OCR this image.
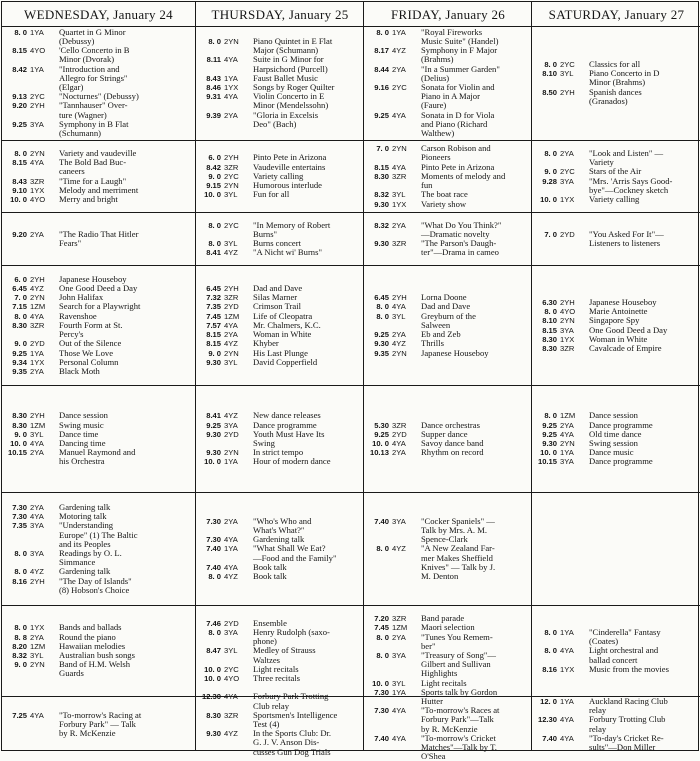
WEDNESDAY, January 24
8. 0 1YA	Quartet in G Minor
(Debussy)
8.15 4YO	'Cello Concerto in B
Minor (Dvorak)
8.42 1YA	"Introduction and
Allegro for Strings"
(Elgar)
9.13 2YC	"Nocturnes" (Debussy)
9.20 2YH	"Tannhauser" Over-
ture (Wagner)
9.25 3YA	Symphony in B Flat
(Schumann)
8. 0 2YN	Variety and vaudeville
8.15 4YA	The Bold Bad Buc-
caneers
8.43 3ZR	"Time for a Laugh"
9.10 1YX	Melody and merriment
10. 0 4YO	Merry and bright
9.20 2YA	"The Radio That Hitler
Fears"
6. 0 2YH	Japanese Houseboy
6.45 4YZ	One Good Deed a Day
7. 0 2YN	John Halifax
7.15 1ZM	Search for a Playwright
8. 0 4YA	Ravenshoe
8.30 3ZR	Fourth Form at St.
Percy's
9. 0 2YD	Out of the Silence
9.25 1YA	Those We Love
9.34 1YX	Personal Column
9.35 2YA	Black Moth
8.30 2YH	Dance session
8.30 1ZM	Swing music
9. 0 3YL	Dance time
10. 0 4YA	Dancing time
10.15 2YA	Manuel Raymond and
his Orchestra
7.30 2YA	Gardening talk
7.30 4YA	Motoring talk
7.35 3YA	"Understanding
Europe" (1) The Baltic
and its Peoples
8. 0 3YA	Readings by O. L.
Simmance
8. 0 4YZ	Gardening talk
8.16 2YH	"The Day of Islands"
(8) Hobson's Choice
8. 0 1YX	Bands and ballads
8. 8 2YA	Round the piano
8.20 1ZM	Hawaiian melodies
8.32 3YL	Australian bush songs
9. 0 2YN	Band of H.M. Welsh
Guards
7.25 4YA	"To-morrow's Racing at
Forbury Park" — Talk
by R. McKenzie
THURSDAY, January 25
8. 0 2YN	Piano Quintet in E Flat
Major (Schumann)
8.11 4YA	Suite in G Minor for
Harpsichord (Purcell)
8.43 1YA	Faust Ballet Music
8.46 1YX	Songs by Roger Quilter
9.31 4YA	Violin Concerto in E
Minor (Mendelssohn)
9.39 2YA	"Gloria in Excelsis
Deo" (Bach)
6. 0 2YH	Pinto Pete in Arizona
8.42 3ZR	Vaudeville entertains
9. 0 2YC	Variety calling
9.15 2YN	Humorous interlude
10. 0 3YL	Fun for all
8. 0 2YC	"In Memory of Robert
Burns"
8. 0 3YL	Burns concert
8.41 4YZ	"A Nicht wi' Burns"
6.45 2YH	Dad and Dave
7.32 3ZR	Silas Marner
7.35 2YD	Crimson Trail
7.45 1ZM	Life of Cleopatra
7.57 4YA	Mr. Chalmers, K.C.
8.15 2YA	Woman in White
8.15 4YZ	Khyber
9. 0 2YN	His Last Plunge
9.30 3YL	David Copperfield
8.41 4YZ	New dance releases
9.25 3YA	Dance programme
9.30 2YD	Youth Must Have Its
Swing
9.30 2YN	In strict tempo
10. 0 1YA	Hour of modern dance
7.30 2YA	"Who's Who and
What's What?"
7.30 4YA	Gardening talk
7.40 1YA	"What Shall We Eat?
—Food and the Family"
7.40 4YA	Book talk
8. 0 4YZ	Book talk
7.46 2YD	Ensemble
8. 0 3YA	Henry Rudolph (saxo-
phone)
8.47 3YL	Medley of Strauss
Waltzes
10. 0 2YC	Light recitals
10. 0 4YO	Three recitals
12.30 4YA	Forbury Park Trotting
Club relay
8.30 3ZR	Sportsmen's Intelligence
Test (4)
9.30 4YZ	In the Sports Club: Dr.
G. J. V. Anson Dis-
cusses Gun Dog Trials
FRIDAY, January 26
8. 0 1YA	"Royal Fireworks
Music Suite" (Handel)
8.17 4YZ	Symphony in F Major
(Brahms)
8.44 2YA	"In a Summer Garden"
(Delius)
9.16 2YC	Sonata for Violin and
Piano in A Major
(Faure)
9.25 4YA	Sonata in D for Viola
and Piano (Richard
Walthew)
7. 0 2YN	Carson Robison and
Pioneers
8.15 4YA	Pinto Pete in Arizona
8.30 3ZR	Moments of melody and
fun
8.32 3YL	The boat race
9.30 1YX	Variety show
8.32 2YA	"What Do You Think?"
—Dramatic novelty
9.30 3ZR	"The Parson's Daugh-
ter"—Drama in cameo
6.45 2YH	Lorna Doone
8. 0 4YA	Dad and Dave
8. 0 3YL	Greyburn of the
Salween
9.25 2YA	Eb and Zeb
9.30 4YZ	Thrills
9.35 2YN	Japanese Houseboy
5.30 3ZR	Dance orchestras
9.25 2YD	Supper dance
10. 0 4YA	Savoy dance band
10.13 2YA	Rhythm on record
7.40 3YA	"Cocker Spaniels" —
Talk by Mrs. A. M.
Spence-Clark
8. 0 4YZ	"A New Zealand Far-
mer Makes Sheffield
Knives" — Talk by J.
M. Denton
7.20 3ZR	Band parade
7.45 1ZM	Maori selection
8. 0 2YA	"Tunes You Remem-
ber"
8. 0 3YA	"Treasury of Song"—
Gilbert and Sullivan
Highlights
10. 0 3YL	Light recitals
7.30 1YA	Sports talk by Gordon
Hutter
7.30 4YA	"To-morrow's Races at
Forbury Park"—Talk
by R. McKenzie
7.40 4YA	"To-morrow's Cricket
Matches"—Talk by T.
O'Shea
SATURDAY, January 27
8. 0 2YC	Classics for all
8.10 3YL	Piano Concerto in D
Minor (Brahms)
8.50 2YH	Spanish dances
(Granados)
8. 0 2YA	"Look and Listen" —
Variety
9. 0 2YC	Stars of the Air
9.28 3YA	"Mrs. 'Arris Says Good-
bye"—Cockney sketch
10. 0 1YX	Variety calling
7. 0 2YD	"You Asked For It"—
Listeners to listeners
6.30 2YH	Japanese Houseboy
8. 0 4YO	Marie Antoinette
8.10 2YN	Singapore Spy
8.15 3YA	One Good Deed a Day
8.30 1YX	Woman in White
8.30 3ZR	Cavalcade of Empire
8. 0 1ZM	Dance session
9.25 2YA	Dance programme
9.25 4YA	Old time dance
9.30 2YN	Swing session
10. 0 1YA	Dance music
10.15 3YA	Dance programme
8. 0 1YA	"Cinderella" Fantasy
(Coates)
8. 0 4YA	Light orchestral and
ballad concert
8.16 1YX	Music from the movies
12. 0 1YA	Auckland Racing Club
relay
12.30 4YA	Forbury Trotting Club
relay
7.40 4YA	"To-day's Cricket Re-
sults"—Don Miller
